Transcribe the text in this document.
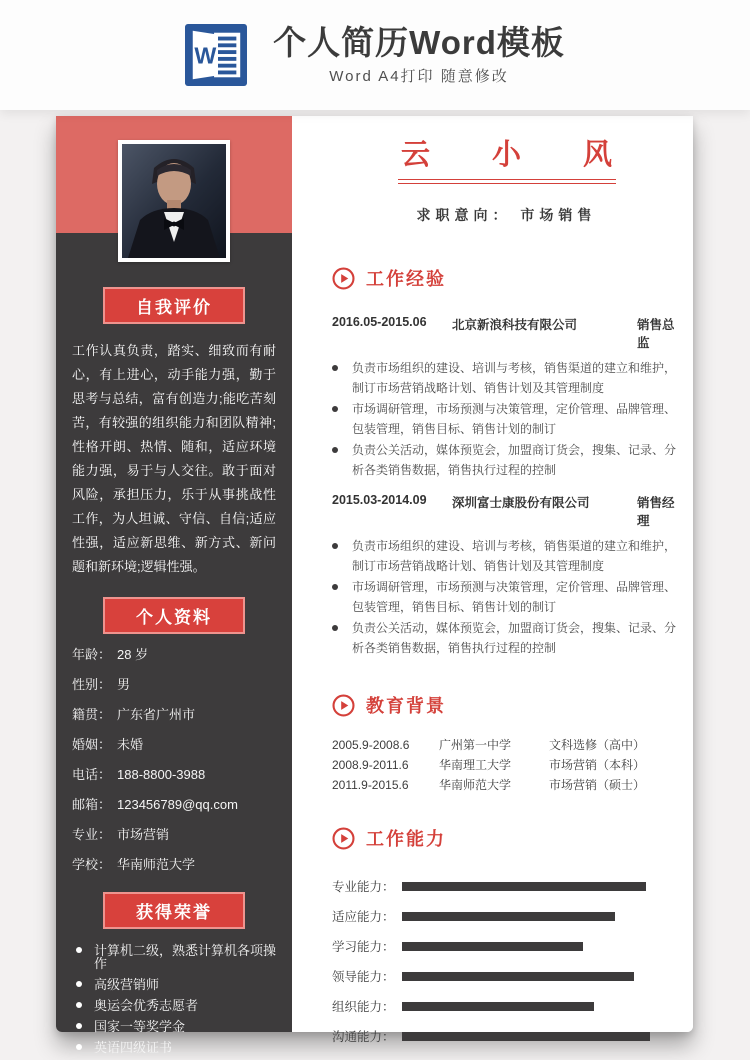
W 个人简历Word模板
Word A4打印 随意修改
自我评价

工作认真负责，踏实、细致而有耐心，有上进心，动手能力强，勤于思考与总结，富有创造力;能吃苦刻苦，有较强的组织能力和团队精神;性格开朗、热情、随和，适应环境能力强，易于与人交往。敢于面对风险，承担压力，乐于从事挑战性工作，为人坦诚、守信、自信;适应性强，适应新思维、新方式、新问题和新环境;逻辑性强。

个人资料
年龄： 28 岁
性别： 男
籍贯： 广东省广州市
婚姻： 未婚
电话： 188-8800-3988
邮箱： 123456789@qq.com
专业： 市场营销
学校： 华南师范大学
获得荣誉
计算机二级，熟悉计算机各项操作
高级营销师
奥运会优秀志愿者
国家一等奖学金
英语四级证书
云 小 风
求职意向： 市场销售
工作经验
2016.05-2015.06	北京新浪科技有限公司	销售总监
负责市场组织的建设、培训与考核，销售渠道的建立和维护，制订市场营销战略计划、销售计划及其管理制度
市场调研管理，市场预测与决策管理，定价管理、品牌管理、包装管理，销售目标、销售计划的制订
负责公关活动，媒体预览会，加盟商订货会，搜集、记录、分析各类销售数据，销售执行过程的控制
2015.03-2014.09	深圳富士康股份有限公司	销售经理
负责市场组织的建设、培训与考核，销售渠道的建立和维护，制订市场营销战略计划、销售计划及其管理制度
市场调研管理，市场预测与决策管理，定价管理、品牌管理、包装管理，销售目标、销售计划的制订
负责公关活动，媒体预览会，加盟商订货会，搜集、记录、分析各类销售数据，销售执行过程的控制
教育背景
2005.9-2008.6	广州第一中学	文科选修（高中）
2008.9-2011.6	华南理工大学	市场营销（本科）
2011.9-2015.6	华南师范大学	市场营销（硕士）
工作能力
专业能力：
适应能力：
学习能力：
领导能力：
组织能力：
沟通能力：
